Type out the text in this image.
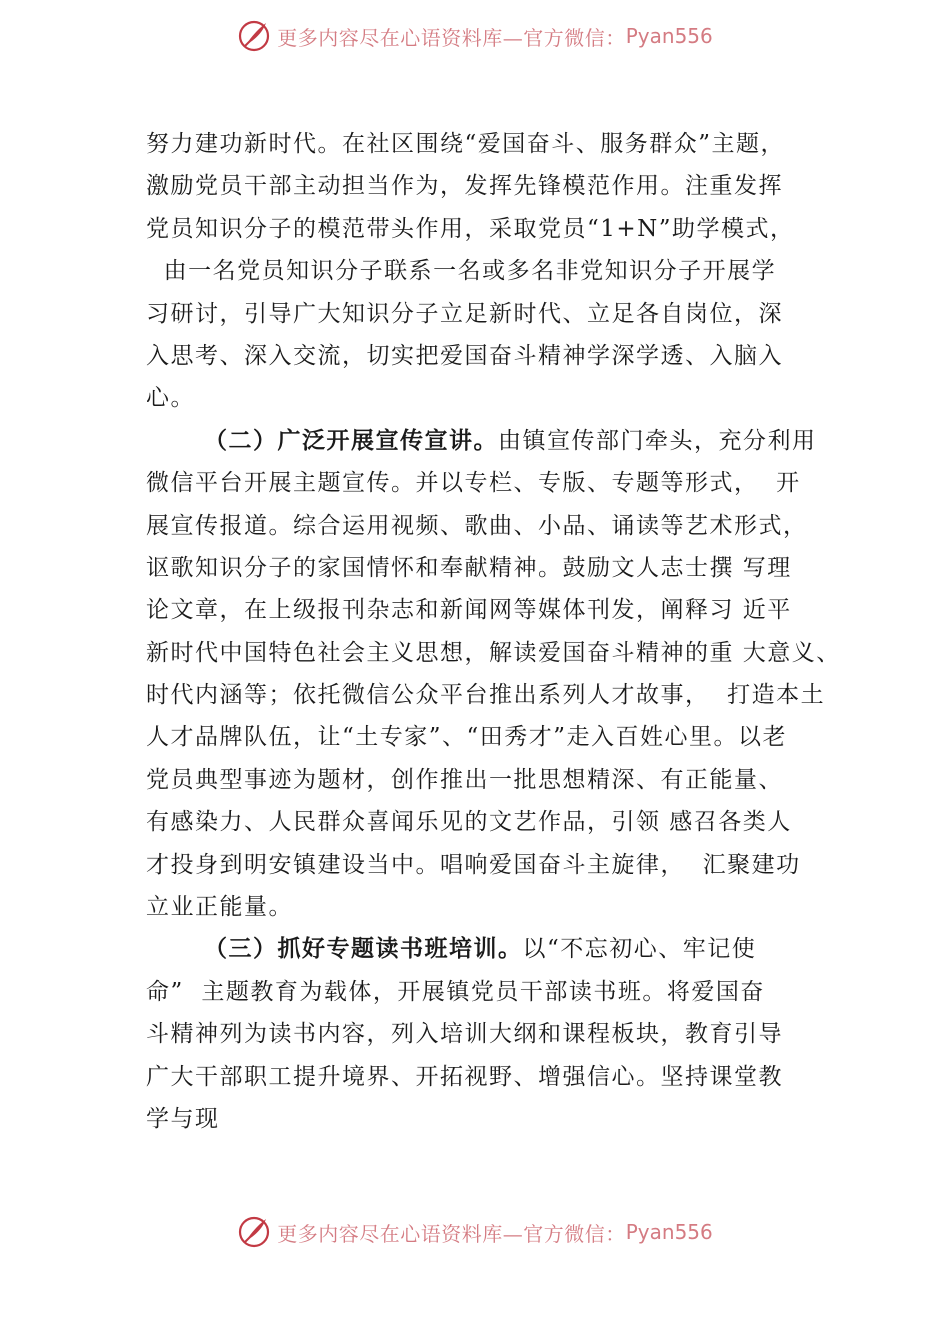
更多内容尽在心语资料库—官方微信： Pyan556
努力建功新时代。在社区围绕“爱国奋斗、服务群众”主题，
激励党员干部主动担当作为，发挥先锋模范作用。注重发挥
党员知识分子的模范带头作用，采取党员“1+N”助学模式，
由一名党员知识分子联系一名或多名非党知识分子开展学
习研讨，引导广大知识分子立足新时代、立足各自岗位，深
入思考、深入交流，切实把爱国奋斗精神学深学透、入脑入
心。
（二）广泛开展宣传宣讲。由镇宣传部门牵头，充分利用
微信平台开展主题宣传。并以专栏、专版、专题等形式，  开
展宣传报道。综合运用视频、歌曲、小品、诵读等艺术形式，
讴歌知识分子的家国情怀和奉献精神。鼓励文人志士撰 写理
论文章，在上级报刊杂志和新闻网等媒体刊发，阐释习 近平
新时代中国特色社会主义思想，解读爱国奋斗精神的重 大意义、
时代内涵等；依托微信公众平台推出系列人才故事，  打造本土
人才品牌队伍，让“土专家”、“田秀才”走入百姓心里。以老
党员典型事迹为题材，创作推出一批思想精深、有正能量、
有感染力、人民群众喜闻乐见的文艺作品，引领 感召各类人
才投身到明安镇建设当中。唱响爱国奋斗主旋律，  汇聚建功
立业正能量。
（三）抓好专题读书班培训。以“不忘初心、牢记使
命”  主题教育为载体，开展镇党员干部读书班。将爱国奋
斗精神列为读书内容，列入培训大纲和课程板块，教育引导
广大干部职工提升境界、开拓视野、增强信心。坚持课堂教
学与现
更多内容尽在心语资料库—官方微信： Pyan556
